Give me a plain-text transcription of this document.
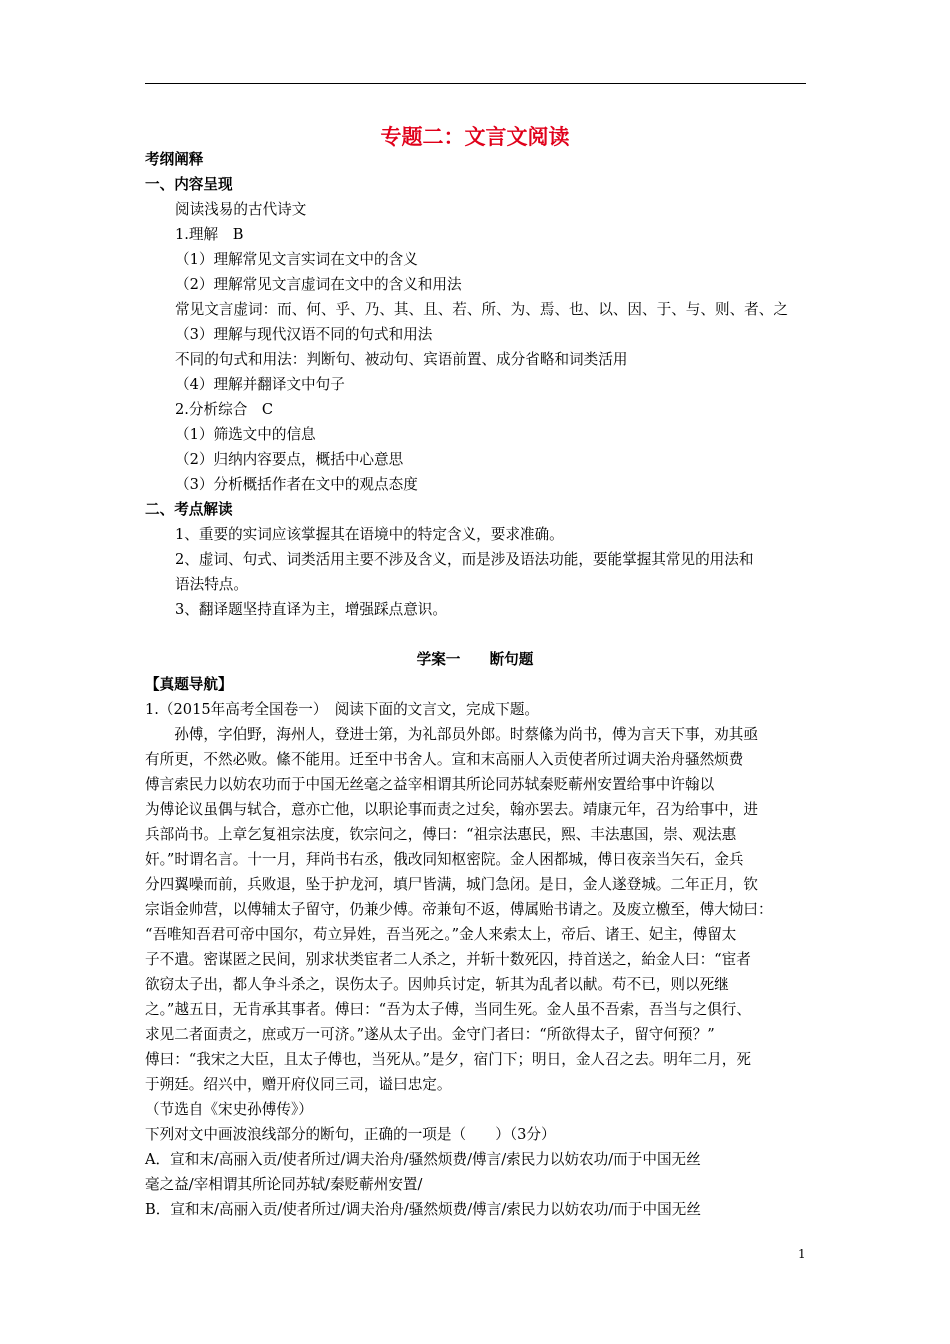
专题二：文言文阅读
考纲阐释
一、内容呈现
阅读浅易的古代诗文
1.理解　B
（1）理解常见文言实词在文中的含义
（2）理解常见文言虚词在文中的含义和用法
常见文言虚词：而、何、乎、乃、其、且、若、所、为、焉、也、以、因、于、与、则、者、之
（3）理解与现代汉语不同的句式和用法
不同的句式和用法：判断句、被动句、宾语前置、成分省略和词类活用
（4）理解并翻译文中句子
2.分析综合　C
（1）筛选文中的信息
（2）归纳内容要点，概括中心意思
（3）分析概括作者在文中的观点态度
二、考点解读
1、重要的实词应该掌握其在语境中的特定含义，要求准确。
2、虚词、句式、词类活用主要不涉及含义，而是涉及语法功能，要能掌握其常见的用法和
语法特点。
3、翻译题坚持直译为主，增强踩点意识。
学案一　　断句题
【真题导航】
1.（2015年高考全国卷一）　阅读下面的文言文，完成下题。
　　孙傅，字伯野，海州人，登进士第，为礼部员外郎。时蔡絛为尚书，傅为言天下事，劝其亟
有所更，不然必败。絛不能用。迁至中书舍人。宣和末高丽人入贡使者所过调夫治舟骚然烦费
傅言索民力以妨农功而于中国无丝毫之益宰相谓其所论同苏轼秦贬蕲州安置给事中许翰以
为傅论议虽偶与轼合，意亦亡他，以职论事而责之过矣，翰亦罢去。靖康元年，召为给事中，进
兵部尚书。上章乞复祖宗法度，钦宗问之，傅曰：“祖宗法惠民，熙、丰法惠国，崇、观法惠
奸。”时谓名言。十一月，拜尚书右丞，俄改同知枢密院。金人困都城，傅日夜亲当矢石，金兵
分四翼噪而前，兵败退，坠于护龙河，填尸皆满，城门急闭。是日，金人遂登城。二年正月，钦
宗诣金帅营，以傅辅太子留守，仍兼少傅。帝兼旬不返，傅属贻书请之。及废立檄至，傅大恸曰：
“吾唯知吾君可帝中国尔，苟立异姓，吾当死之。”金人来索太上，帝后、诸王、妃主，傅留太
子不遣。密谋匿之民间，别求状类宦者二人杀之，并斩十数死囚，持首送之，紿金人曰：“宦者
欲窃太子出，都人争斗杀之，误伤太子。因帅兵讨定，斩其为乱者以献。苟不已，则以死继
之。”越五日，无肯承其事者。傅曰：“吾为太子傅，当同生死。金人虽不吾索，吾当与之俱行、
求见二者面责之，庶或万一可济。”遂从太子出。金守门者曰：“所欲得太子，留守何预？”
傅曰：“我宋之大臣，且太子傅也，当死从。”是夕，宿门下；明日，金人召之去。明年二月，死
于朔廷。绍兴中，赠开府仪同三司，谥曰忠定。
（节选自《宋史孙傅传》）
下列对文中画波浪线部分的断句，正确的一项是（　　）（3分）
A．宣和末/高丽入贡/使者所过/调夫治舟/骚然烦费/傅言/索民力以妨农功/而于中国无丝
毫之益/宰相谓其所论同苏轼/秦贬蕲州安置/
B．宣和末/高丽入贡/使者所过/调夫治舟/骚然烦费/傅言/索民力以妨农功/而于中国无丝
1
